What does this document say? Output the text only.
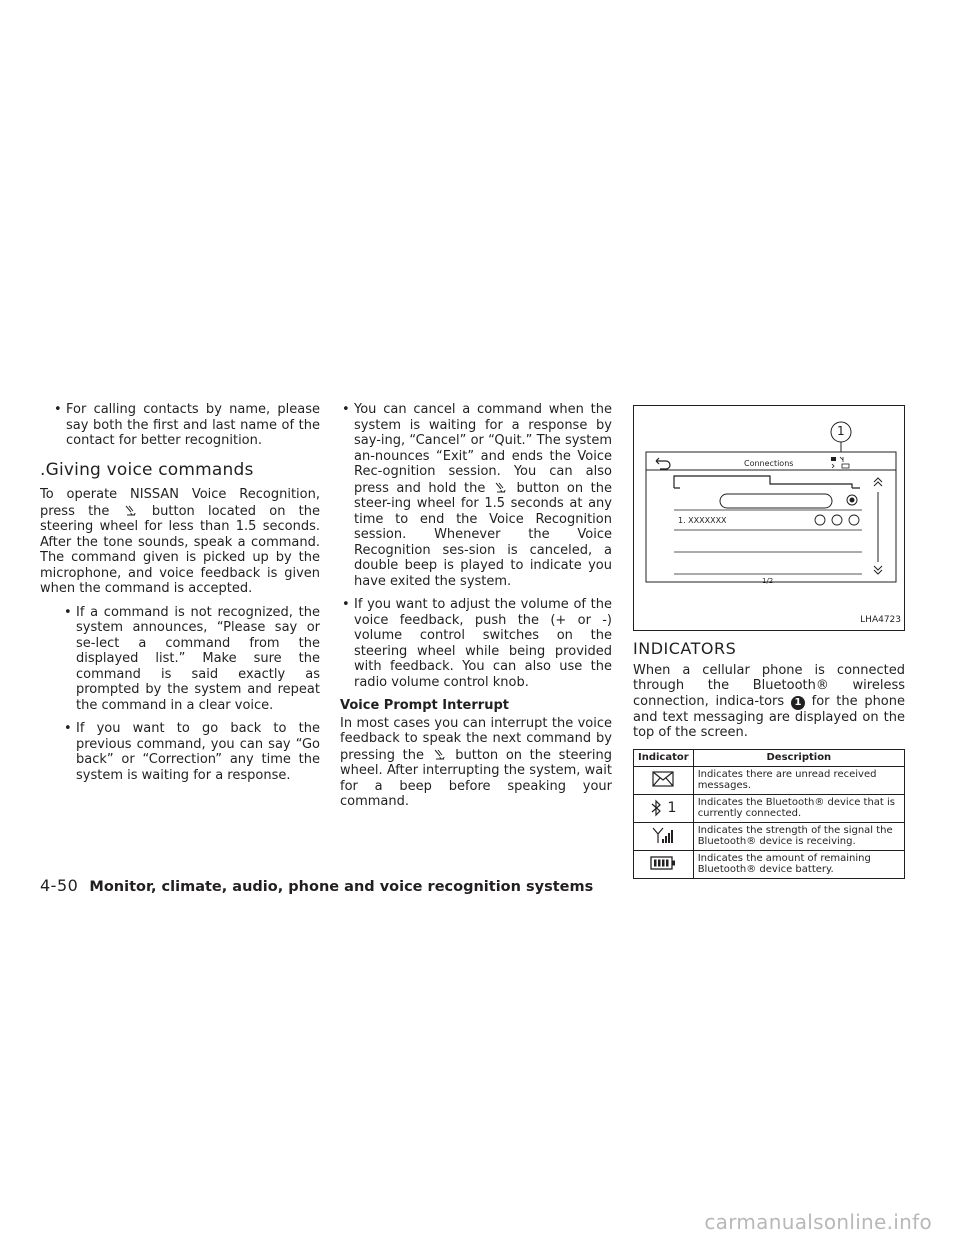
• For calling contacts by name, please say both the first and last name of the contact for better recognition.
.Giving voice commands

To operate NISSAN Voice Recognition, press the	button located on the steering wheel for less than 1.5 seconds. After the tone sounds, speak a command. The command given is picked up by the microphone, and voice feedback is given when the command is accepted.

• If a command is not recognized, the system announces, “Please say or se-lect a command from the displayed list.” Make sure the command is said exactly as prompted by the system and repeat the command in a clear voice.
• If you want to go back to the previous command, you can say “Go back” or “Correction” any time the system is waiting for a response.
• You can cancel a command when the system is waiting for a response by say-ing, “Cancel” or “Quit.” The system an-nounces “Exit” and ends the Voice Rec-ognition session. You can also press and hold the button on the steer-ing wheel for 1.5 seconds at any time to end the Voice Recognition session. Whenever the Voice Recognition ses-sion is canceled, a double beep is played to indicate you have exited the system.
• If you want to adjust the volume of the voice feedback, push the (+ or -) volume control switches on the steering wheel while being provided with feedback. You can also use the radio volume control knob.
Voice Prompt Interrupt

In most cases you can interrupt the voice feedback to speak the next command by pressing the button on the steering wheel. After interrupting the system, wait for a beep before speaking your command.

1
Connections
1. XXXXXXX
1/2
LHA4723
INDICATORS

When a cellular phone is connected through the Bluetooth® wireless connection, indica-tors 1 for the phone and text messaging are displayed on the top of the screen.

Indicator	Description
	Indicates there are unread received messages.
1	Indicates the Bluetooth® device that is currently connected.
	Indicates the strength of the signal the Bluetooth® device is receiving.
	Indicates the amount of remaining Bluetooth® device battery.
4-50 Monitor, climate, audio, phone and voice recognition systems
carmanualsonline.info
